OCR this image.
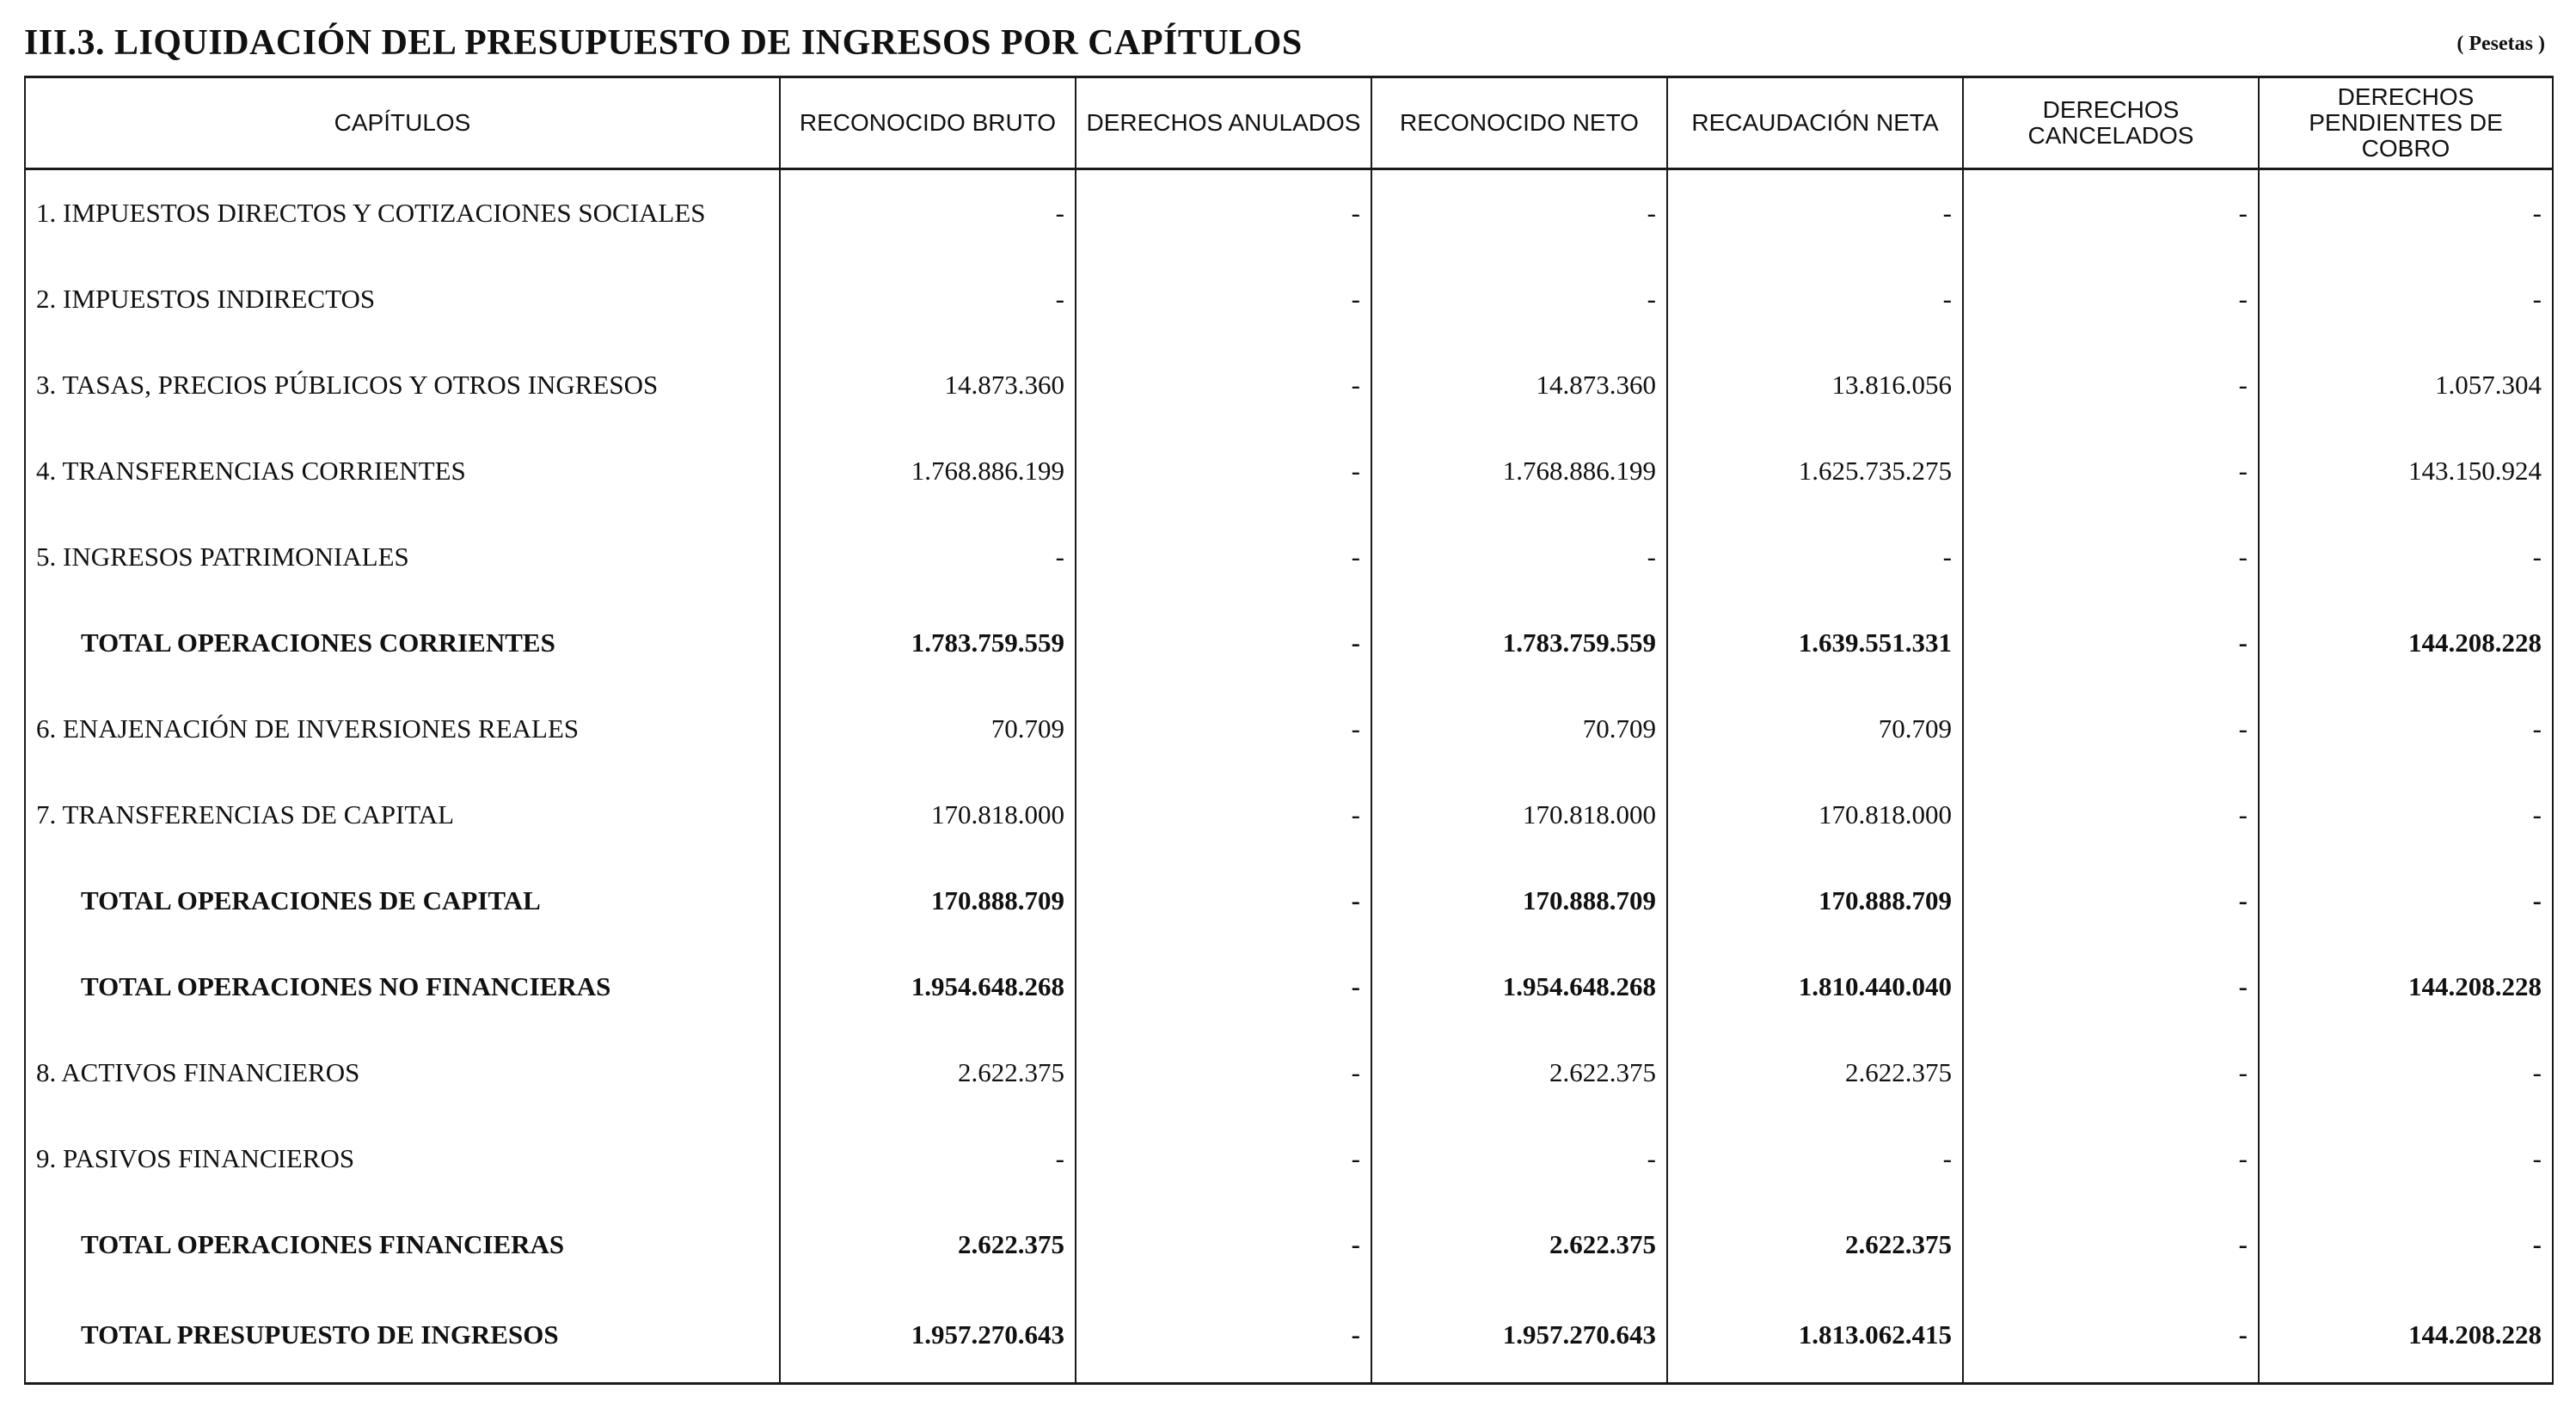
III.3. LIQUIDACIÓN DEL PRESUPUESTO DE INGRESOS POR CAPÍTULOS	( Pesetas )
CAPÍTULOS	RECONOCIDO BRUTO	DERECHOS ANULADOS	RECONOCIDO NETO	RECAUDACIÓN NETA	DERECHOS CANCELADOS	DERECHOS PENDIENTES DE COBRO
1. IMPUESTOS DIRECTOS Y COTIZACIONES SOCIALES	-	-	-	-	-	-
2. IMPUESTOS INDIRECTOS	-	-	-	-	-	-
3. TASAS, PRECIOS PÚBLICOS Y OTROS INGRESOS	14.873.360	-	14.873.360	13.816.056	-	1.057.304
4. TRANSFERENCIAS CORRIENTES	1.768.886.199	-	1.768.886.199	1.625.735.275	-	143.150.924
5. INGRESOS PATRIMONIALES	-	-	-	-	-	-
TOTAL OPERACIONES CORRIENTES	1.783.759.559	-	1.783.759.559	1.639.551.331	-	144.208.228
6. ENAJENACIÓN DE INVERSIONES REALES	70.709	-	70.709	70.709	-	-
7. TRANSFERENCIAS DE CAPITAL	170.818.000	-	170.818.000	170.818.000	-	-
TOTAL OPERACIONES DE CAPITAL	170.888.709	-	170.888.709	170.888.709	-	-
TOTAL OPERACIONES NO FINANCIERAS	1.954.648.268	-	1.954.648.268	1.810.440.040	-	144.208.228
8. ACTIVOS FINANCIEROS	2.622.375	-	2.622.375	2.622.375	-	-
9. PASIVOS FINANCIEROS	-	-	-	-	-	-
TOTAL OPERACIONES FINANCIERAS	2.622.375	-	2.622.375	2.622.375	-	-
TOTAL PRESUPUESTO DE INGRESOS	1.957.270.643	-	1.957.270.643	1.813.062.415	-	144.208.228
